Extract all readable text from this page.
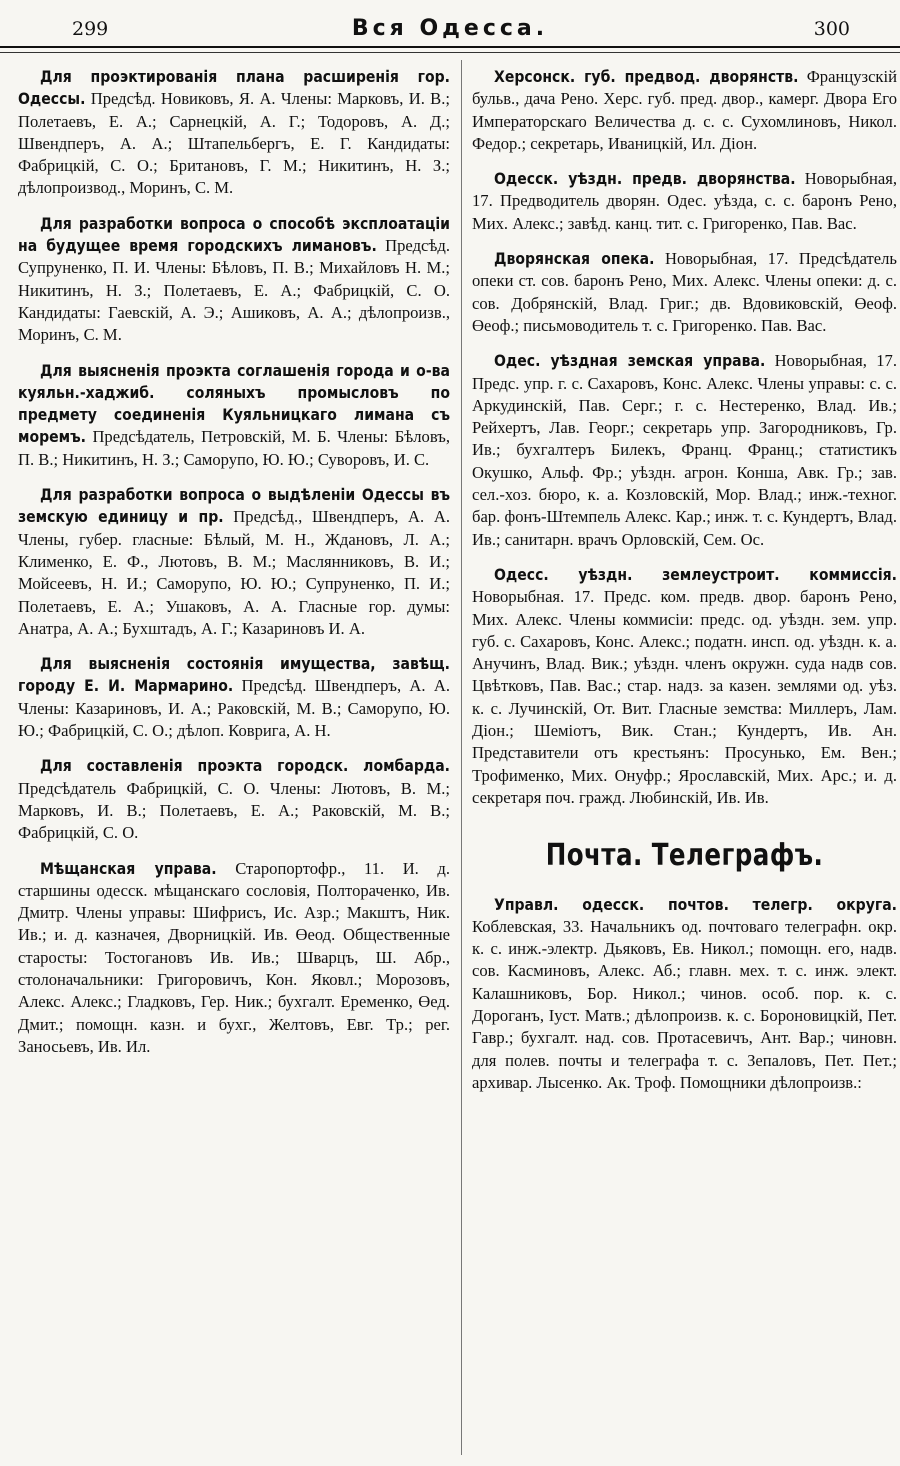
299	Вся Одесса.	300

Для проэктированія плана расширенія гор. Одессы. Предсѣд. Новиковъ, Я. А. Члены: Марковъ, И. В.; Полетаевъ, Е. А.; Сарнецкій, А. Г.; Тодоровъ, А. Д.; Швендперъ, А. А.; Штапельбергъ, Е. Г. Кандидаты: Фабрицкій, С. О.; Британовъ, Г. М.; Никитинъ, Н. З.; дѣлопроизвод., Моринъ, С. М.

Для разработки вопроса о способѣ эксплоатаціи на будущее время городскихъ лимановъ. Предсѣд. Супруненко, П. И. Члены: Бѣловъ, П. В.; Михайловъ Н. М.; Никитинъ, Н. З.; Полетаевъ, Е. А.; Фабрицкій, С. О. Кандидаты: Гаевскій, А. Э.; Ашиковъ, А. А.; дѣлопроизв., Моринъ, С. М.

Для выясненія проэкта соглашенія города и о-ва куяльн.-хаджиб. соляныхъ промысловъ по предмету соединенія Куяльницкаго лимана съ моремъ. Предсѣдатель, Петровскій, М. Б. Члены: Бѣловъ, П. В.; Никитинъ, Н. З.; Саморупо, Ю. Ю.; Суворовъ, И. С.

Для разработки вопроса о выдѣленіи Одессы въ земскую единицу и пр. Предсѣд., Швендперъ, А. А. Члены, губер. гласные: Бѣлый, М. Н., Ждановъ, Л. А.; Клименко, Е. Ф., Лютовъ, В. М.; Маслянниковъ, В. И.; Мойсеевъ, Н. И.; Саморупо, Ю. Ю.; Супруненко, П. И.; Полетаевъ, Е. А.; Ушаковъ, А. А. Гласные гор. думы: Анатра, А. А.; Бухштадъ, А. Г.; Казариновъ И. А.

Для выясненія состоянія имущества, завѣщ. городу Е. И. Мармарино. Предсѣд. Швендперъ, А. А. Члены: Казариновъ, И. А.; Раковскій, М. В.; Саморупо, Ю. Ю.; Фабрицкій, С. О.; дѣлоп. Коврига, А. Н.

Для составленія проэкта городск. ломбарда. Предсѣдатель Фабрицкій, С. О. Члены: Лютовъ, В. М.; Марковъ, И. В.; Полетаевъ, Е. А.; Раковскій, М. В.; Фабрицкій, С. О.

Мѣщанская управа. Старопортофр., 11. И. д. старшины одесск. мѣщанскаго сословія, Полтораченко, Ив. Дмитр. Члены управы: Шифрисъ, Ис. Азр.; Макштъ, Ник. Ив.; и. д. казначея, Дворницкій. Ив. Өеод. Общественные старосты: Тостогановъ Ив. Ив.; Шварцъ, Ш. Абр., столоначальники: Григоровичъ, Кон. Яковл.; Морозовъ, Алекс. Алекс.; Гладковъ, Гер. Ник.; бухгалт. Еременко, Өед. Дмит.; помощн. казн. и бухг., Желтовъ, Евг. Тр.; рег. Заносьевъ, Ив. Ил.

Херсонск. губ. предвод. дворянств. Французскій бульв., дача Рено. Херс. губ. пред. двор., камерг. Двора Его Императорскаго Величества д. с. с. Сухомлиновъ, Никол. Федор.; секретарь, Иваницкій, Ил. Діон.

Одесск. уѣздн. предв. дворянства. Новорыбная, 17. Предводитель дворян. Одес. уѣзда, с. с. баронъ Рено, Мих. Алекс.; завѣд. канц. тит. с. Григоренко, Пав. Вас.

Дворянская опека. Новорыбная, 17. Предсѣдатель опеки ст. сов. баронъ Рено, Мих. Алекс. Члены опеки: д. с. сов. Добрянскій, Влад. Григ.; дв. Вдовиковскій, Өеоф. Өеоф.; письмоводитель т. с. Григоренко. Пав. Вас.

Одес. уѣздная земская управа. Новорыбная, 17. Предс. упр. г. с. Сахаровъ, Конс. Алекс. Члены управы: с. с. Аркудинскій, Пав. Серг.; г. с. Нестеренко, Влад. Ив.; Рейхертъ, Лав. Георг.; секретарь упр. Загородниковъ, Гр. Ив.; бухгалтеръ Билекъ, Франц. Франц.; статистикъ Окушко, Альф. Фр.; уѣздн. агрон. Конша, Авк. Гр.; зав. сел.-хоз. бюро, к. а. Козловскій, Мор. Влад.; инж.-техног. бар. фонъ-Штемпель Алекс. Кар.; инж. т. с. Кундертъ, Влад. Ив.; санитарн. врачъ Орловскій, Сем. Ос.

Одесс. уѣздн. землеустроит. коммиссія. Новорыбная. 17. Предс. ком. предв. двор. баронъ Рено, Мих. Алекс. Члены коммисіи: предс. од. уѣздн. зем. упр. губ. с. Сахаровъ, Конс. Алекс.; податн. инсп. од. уѣздн. к. а. Анучинъ, Влад. Вик.; уѣздн. членъ окружн. суда надв сов. Цвѣтковъ, Пав. Вас.; стар. надз. за казен. землями од. уѣз. к. с. Лучинскій, От. Вит. Гласные земства: Миллеръ, Лам. Діон.; Шеміотъ, Вик. Стан.; Кундертъ, Ив. Ан. Представители отъ крестьянъ: Просунько, Ем. Вен.; Трофименко, Мих. Онуфр.; Ярославскій, Мих. Арс.; и. д. секретаря поч. гражд. Любинскій, Ив. Ив.

Почта. Телеграфъ.

Управл. одесск. почтов. телегр. округа. Коблевская, 33. Начальникъ од. почтоваго телеграфн. окр. к. с. инж.-электр. Дьяковъ, Ев. Никол.; помощн. его, надв. сов. Касминовъ, Алекс. Аб.; главн. мех. т. с. инж. элект. Калашниковъ, Бор. Никол.; чинов. особ. пор. к. с. Дороганъ, Іуст. Матв.; дѣлопроизв. к. с. Бороновицкій, Пет. Гавр.; бухгалт. над. сов. Протасевичъ, Ант. Вар.; чиновн. для полев. почты и телеграфа т. с. Зепаловъ, Пет. Пет.; архивар. Лысенко. Ак. Троф. Помощники дѣлопроизв.:
